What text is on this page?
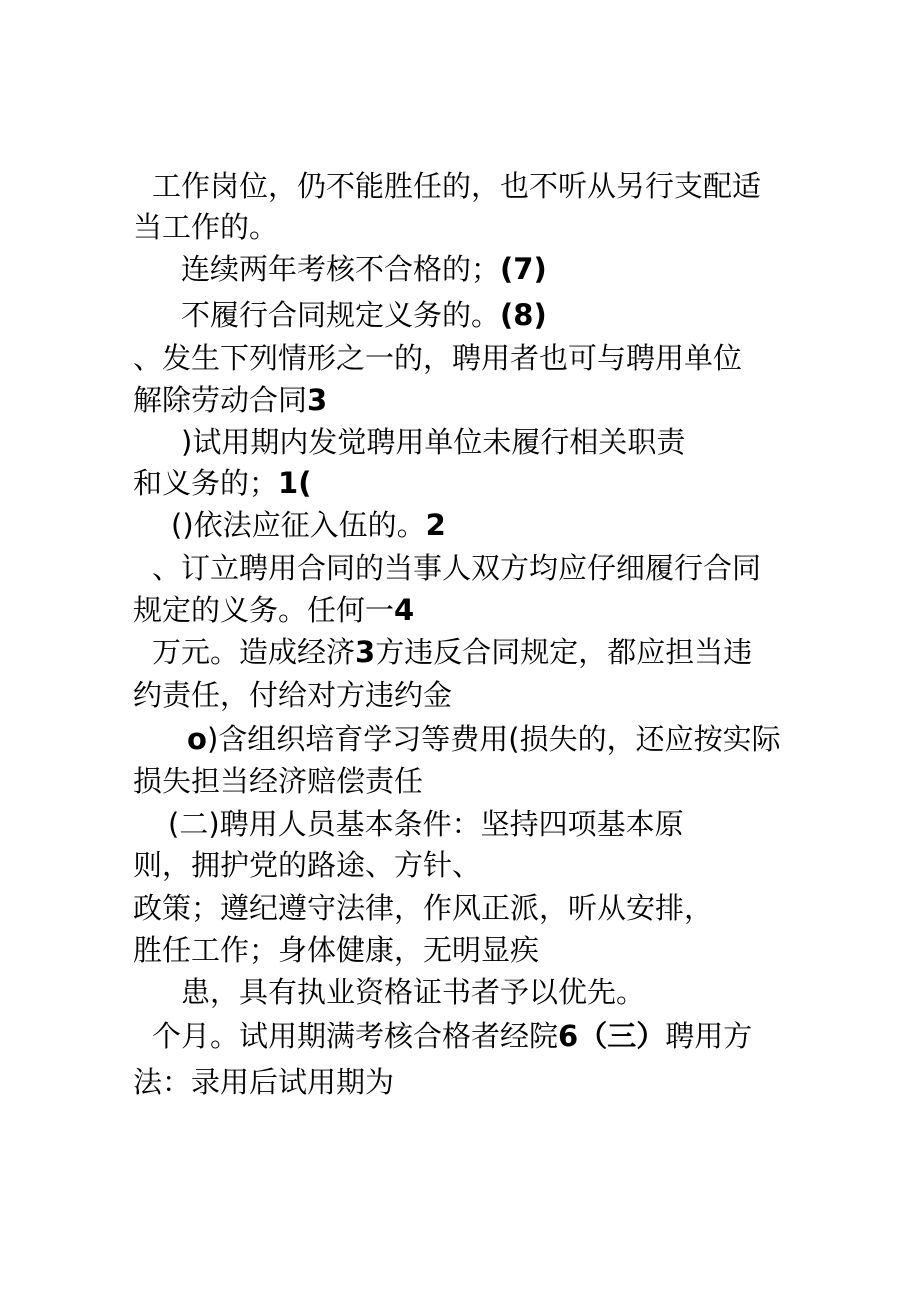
工作岗位，仍不能胜任的，也不听从另行支配适
当工作的。
连续两年考核不合格的；(7)
不履行合同规定义务的。(8)
、发生下列情形之一的，聘用者也可与聘用单位
解除劳动合同3
)试用期内发觉聘用单位未履行相关职责
和义务的；1(
()依法应征入伍的。2
、订立聘用合同的当事人双方均应仔细履行合同
规定的义务。任何一4
万元。造成经济3方违反合同规定，都应担当违
约责任，付给对方违约金
o)含组织培育学习等费用(损失的，还应按实际
损失担当经济赔偿责任
(二)聘用人员基本条件：坚持四项基本原
则，拥护党的路途、方针、
政策；遵纪遵守法律，作风正派，听从安排，
胜任工作；身体健康，无明显疾
患，具有执业资格证书者予以优先。
个月。试用期满考核合格者经院6（三）聘用方
法：录用后试用期为
